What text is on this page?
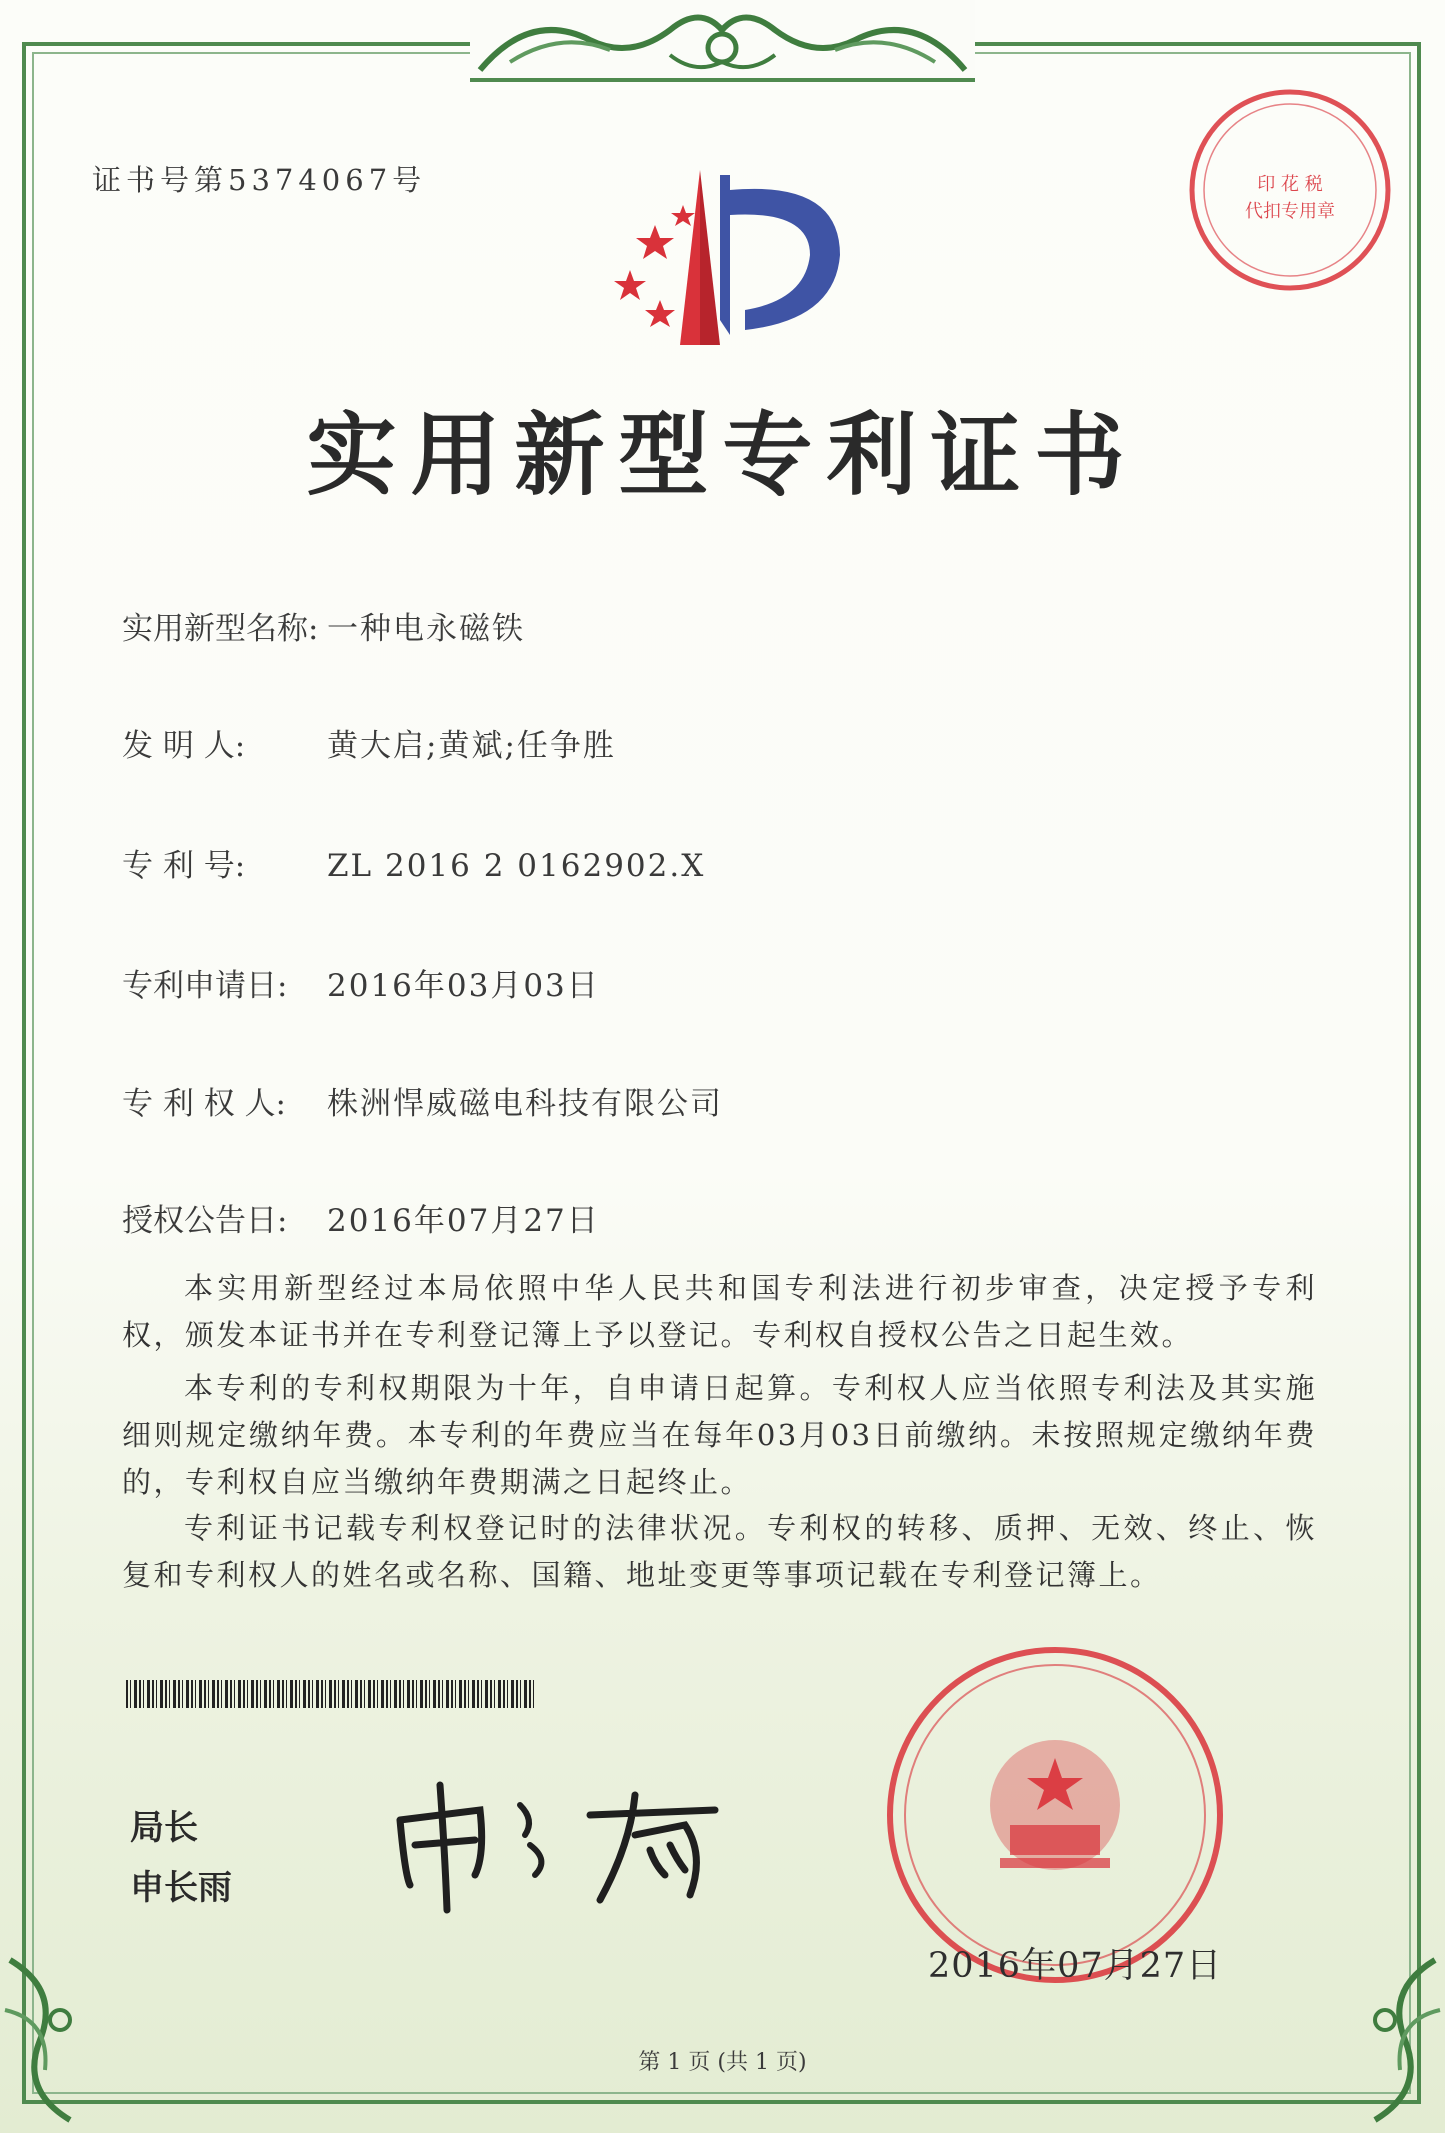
证书号第5374067号	印 花 税
代扣专用章
实用新型专利证书
实用新型名称: 一种电永磁铁
发 明 人:	黄大启;黄斌;任争胜
专 利 号:	ZL 2016 2 0162902.X
专利申请日: 2016年03月03日
专 利 权 人: 株洲悍威磁电科技有限公司
授权公告日: 2016年07月27日
本实用新型经过本局依照中华人民共和国专利法进行初步审查，决定授予专利权，颁发本证书并在专利登记簿上予以登记。专利权自授权公告之日起生效。
本专利的专利权期限为十年，自申请日起算。专利权人应当依照专利法及其实施细则规定缴纳年费。本专利的年费应当在每年03月03日前缴纳。未按照规定缴纳年费的，专利权自应当缴纳年费期满之日起终止。
专利证书记载专利权登记时的法律状况。专利权的转移、质押、无效、终止、恢复和专利权人的姓名或名称、国籍、地址变更等事项记载在专利登记簿上。
局长
申长雨
2016年07月27日
第 1 页 (共 1 页)
